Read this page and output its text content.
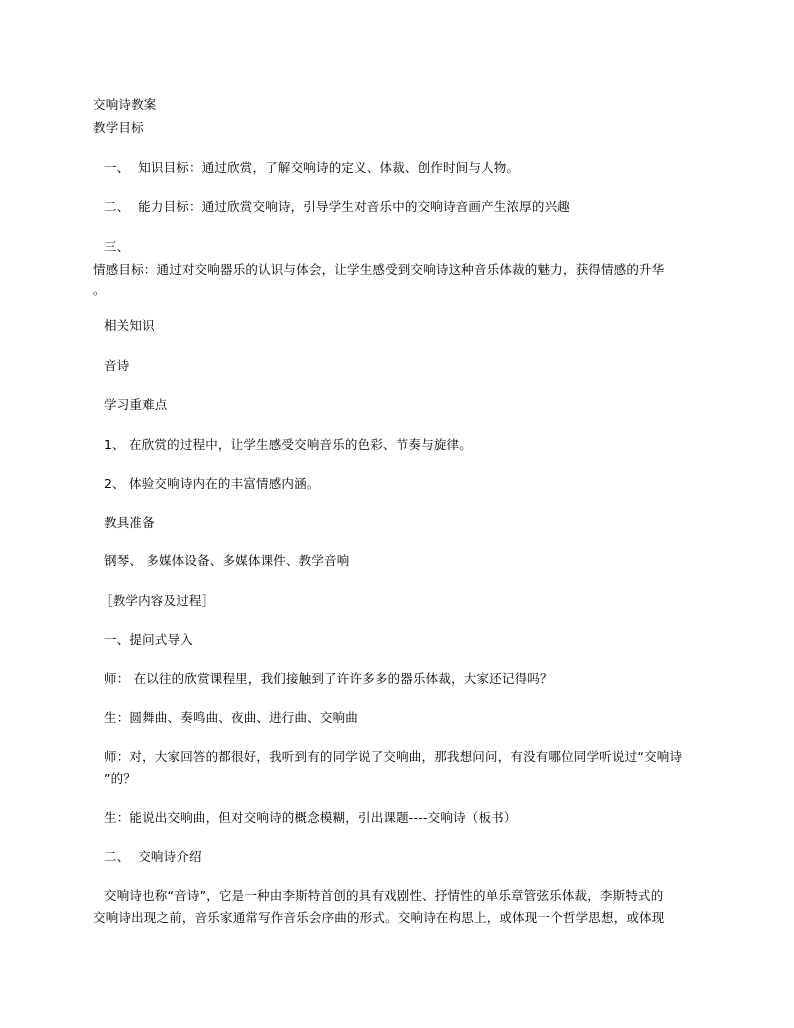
交响诗教案
教学目标
一、 知识目标：通过欣赏，了解交响诗的定义、体裁、创作时间与人物。
二、 能力目标：通过欣赏交响诗，引导学生对音乐中的交响诗音画产生浓厚的兴趣
三、
情感目标：通过对交响器乐的认识与体会，让学生感受到交响诗这种音乐体裁的魅力，获得情感的升华
。
相关知识
音诗
学习重难点
1、 在欣赏的过程中，让学生感受交响音乐的色彩、节奏与旋律。
2、 体验交响诗内在的丰富情感内涵。
教具准备
钢琴、 多媒体设备、多媒体课件、教学音响
［教学内容及过程］
一、提问式导入
师： 在以往的欣赏课程里，我们接触到了许许多多的器乐体裁，大家还记得吗？
生：圆舞曲、奏鸣曲、夜曲、进行曲、交响曲
师：对，大家回答的都很好，我听到有的同学说了交响曲，那我想问问，有没有哪位同学听说过“交响诗
”的？
生：能说出交响曲，但对交响诗的概念模糊，引出课题----交响诗（板书）
二、 交响诗介绍
交响诗也称“音诗”，它是一种由李斯特首创的具有戏剧性、抒情性的单乐章管弦乐体裁，李斯特式的
交响诗出现之前，音乐家通常写作音乐会序曲的形式。交响诗在构思上，或体现一个哲学思想，或体现
